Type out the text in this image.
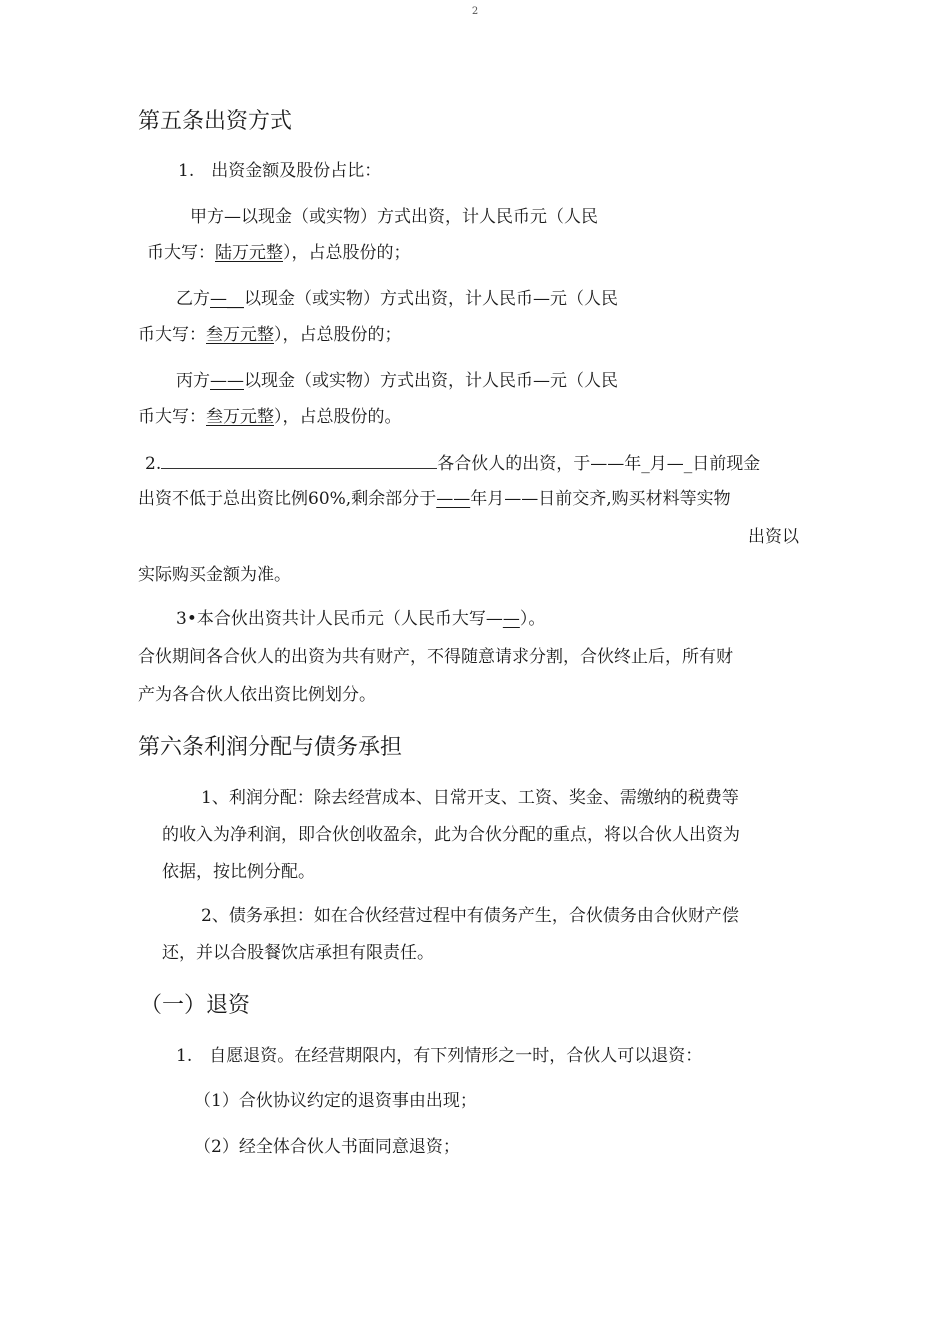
2
第五条出资方式
1.　出资金额及股份占比：
甲方—以现金（或实物）方式出资，计人民币元（人民
币大写：陆万元整），占总股份的；
乙方—__以现金（或实物）方式出资，计人民币—元（人民
币大写：叁万元整），占总股份的；
丙方——以现金（或实物）方式出资，计人民币—元（人民
币大写：叁万元整），占总股份的。
2.	各合伙人的出资，于——年_月—_日前现金
出资不低于总出资比例60%,剩余部分于——年月——日前交齐,购买材料等实物
出资以
实际购买金额为准。
3•本合伙出资共计人民币元（人民币大写——）。
合伙期间各合伙人的出资为共有财产，不得随意请求分割，合伙终止后，所有财
产为各合伙人依出资比例划分。
第六条利润分配与债务承担
1、利润分配：除去经营成本、日常开支、工资、奖金、需缴纳的税费等
的收入为净利润，即合伙创收盈余，此为合伙分配的重点，将以合伙人出资为
依据，按比例分配。
2、债务承担：如在合伙经营过程中有债务产生，合伙债务由合伙财产偿
还，并以合股餐饮店承担有限责任。
（一）退资
1.　自愿退资。在经营期限内，有下列情形之一时，合伙人可以退资：
（1）合伙协议约定的退资事由出现；
（2）经全体合伙人书面同意退资；
